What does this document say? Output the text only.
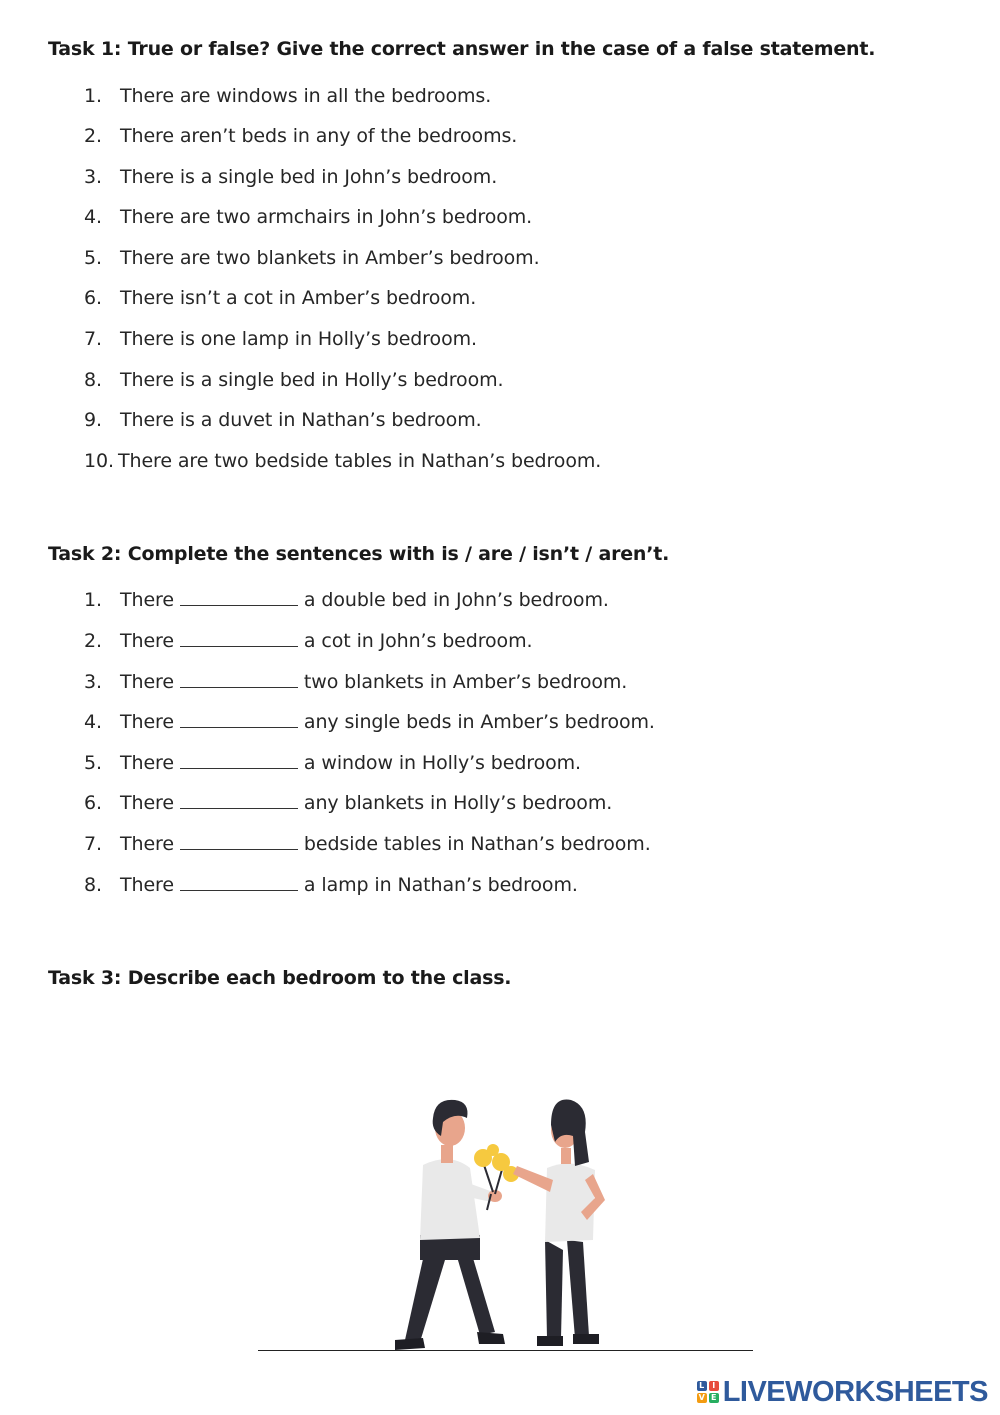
Task 1: True or false? Give the correct answer in the case of a false statement.
1. There are windows in all the bedrooms.
2. There aren’t beds in any of the bedrooms.
3. There is a single bed in John’s bedroom.
4. There are two armchairs in John’s bedroom.
5. There are two blankets in Amber’s bedroom.
6. There isn’t a cot in Amber’s bedroom.
7. There is one lamp in Holly’s bedroom.
8. There is a single bed in Holly’s bedroom.
9. There is a duvet in Nathan’s bedroom.
10. There are two bedside tables in Nathan’s bedroom.
Task 2: Complete the sentences with is / are / isn’t / aren’t.
1. There	a double bed in John’s bedroom.
2. There	a cot in John’s bedroom.
3. There	two blankets in Amber’s bedroom.
4. There	any single beds in Amber’s bedroom.
5. There	a window in Holly’s bedroom.
6. There	any blankets in Holly’s bedroom.
7. There	bedside tables in Nathan’s bedroom.
8. There	a lamp in Nathan’s bedroom.
Task 3: Describe each bedroom to the class.
L I
V E LIVEWORKSHEETS
